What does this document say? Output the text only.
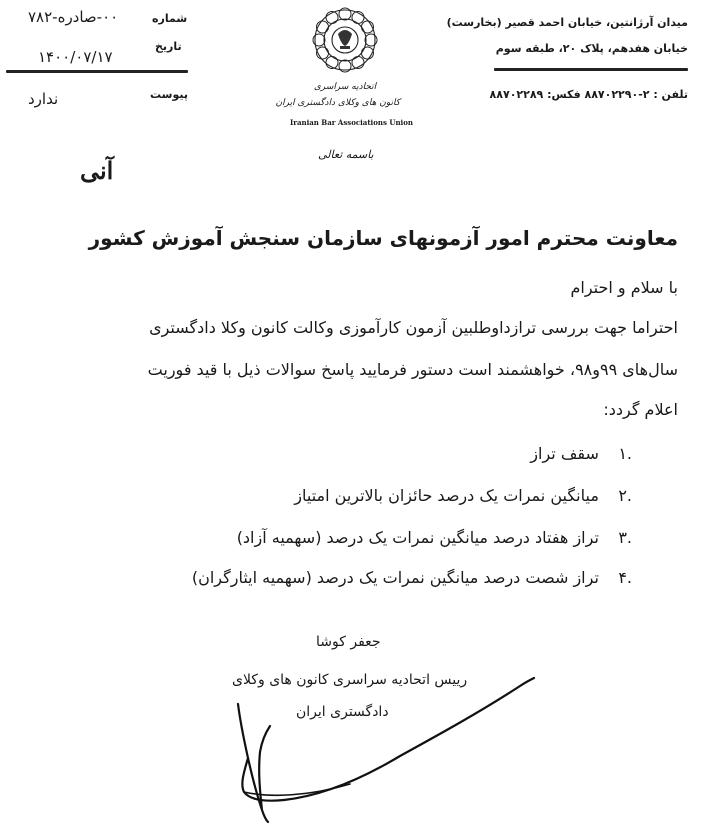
۰۰-صادره-۷۸۲	شماره
تاریخ
۱۴۰۰/۰۷/۱۷
پیوست
ندارد
میدان آرژانتین، خیابان احمد قصیر (بخارست)
خیابان هفدهم، پلاک ۲۰، طبقه سوم
تلفن : ۲-۸۸۷۰۲۲۹۰ فکس: ۸۸۷۰۲۲۸۹
اتحادیه سراسری
کانون های وکلای دادگستری ایران
Iranian Bar Associations Union
باسمه تعالی
آنی
معاونت محترم امور آزمونهای سازمان سنجش آموزش کشور
با سلام و احترام
احتراما جهت بررسی ترازداوطلبین آزمون کارآموزی وکالت کانون وکلا دادگستری
سال‌های ۹۹و۹۸، خواهشمند است دستور فرمایید پاسخ سوالات ذیل با قید فوریت
اعلام گردد:
.۱ سقف تراز
.۲ میانگین نمرات یک درصد حائزان بالاترین امتیاز
.۳ تراز هفتاد درصد میانگین نمرات یک درصد (سهمیه آزاد)
.۴ تراز شصت درصد میانگین نمرات یک درصد (سهمیه ایثارگران)
جعفر کوشا
رییس اتحادیه سراسری کانون های وکلای
دادگستری ایران
